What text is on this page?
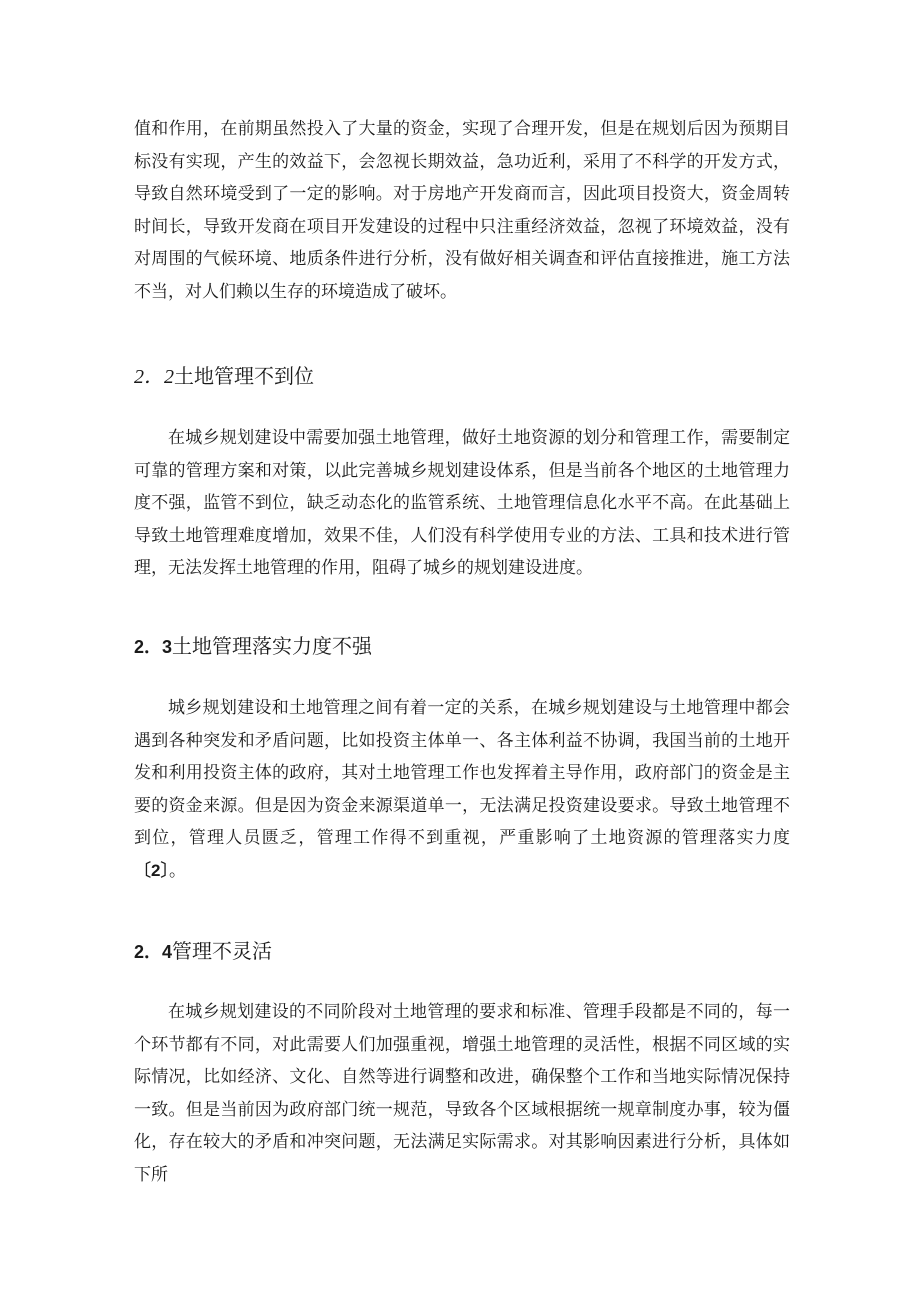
值和作用，在前期虽然投入了大量的资金，实现了合理开发，但是在规划后因为预期目标没有实现，产生的效益下，会忽视长期效益，急功近利，采用了不科学的开发方式，导致自然环境受到了一定的影响。对于房地产开发商而言，因此项目投资大，资金周转时间长，导致开发商在项目开发建设的过程中只注重经济效益，忽视了环境效益，没有对周围的气候环境、地质条件进行分析，没有做好相关调查和评估直接推进，施工方法不当，对人们赖以生存的环境造成了破坏。

2．2土地管理不到位

在城乡规划建设中需要加强土地管理，做好土地资源的划分和管理工作，需要制定可靠的管理方案和对策，以此完善城乡规划建设体系，但是当前各个地区的土地管理力度不强，监管不到位，缺乏动态化的监管系统、土地管理信息化水平不高。在此基础上导致土地管理难度增加，效果不佳，人们没有科学使用专业的方法、工具和技术进行管理，无法发挥土地管理的作用，阻碍了城乡的规划建设进度。

2．3土地管理落实力度不强

城乡规划建设和土地管理之间有着一定的关系，在城乡规划建设与土地管理中都会遇到各种突发和矛盾问题，比如投资主体单一、各主体利益不协调，我国当前的土地开发和利用投资主体的政府，其对土地管理工作也发挥着主导作用，政府部门的资金是主要的资金来源。但是因为资金来源渠道单一，无法满足投资建设要求。导致土地管理不到位，管理人员匮乏，管理工作得不到重视，严重影响了土地资源的管理落实力度〔2〕。

2．4管理不灵活

在城乡规划建设的不同阶段对土地管理的要求和标准、管理手段都是不同的，每一个环节都有不同，对此需要人们加强重视，增强土地管理的灵活性，根据不同区域的实际情况，比如经济、文化、自然等进行调整和改进，确保整个工作和当地实际情况保持一致。但是当前因为政府部门统一规范，导致各个区域根据统一规章制度办事，较为僵化，存在较大的矛盾和冲突问题，无法满足实际需求。对其影响因素进行分析，具体如下所
